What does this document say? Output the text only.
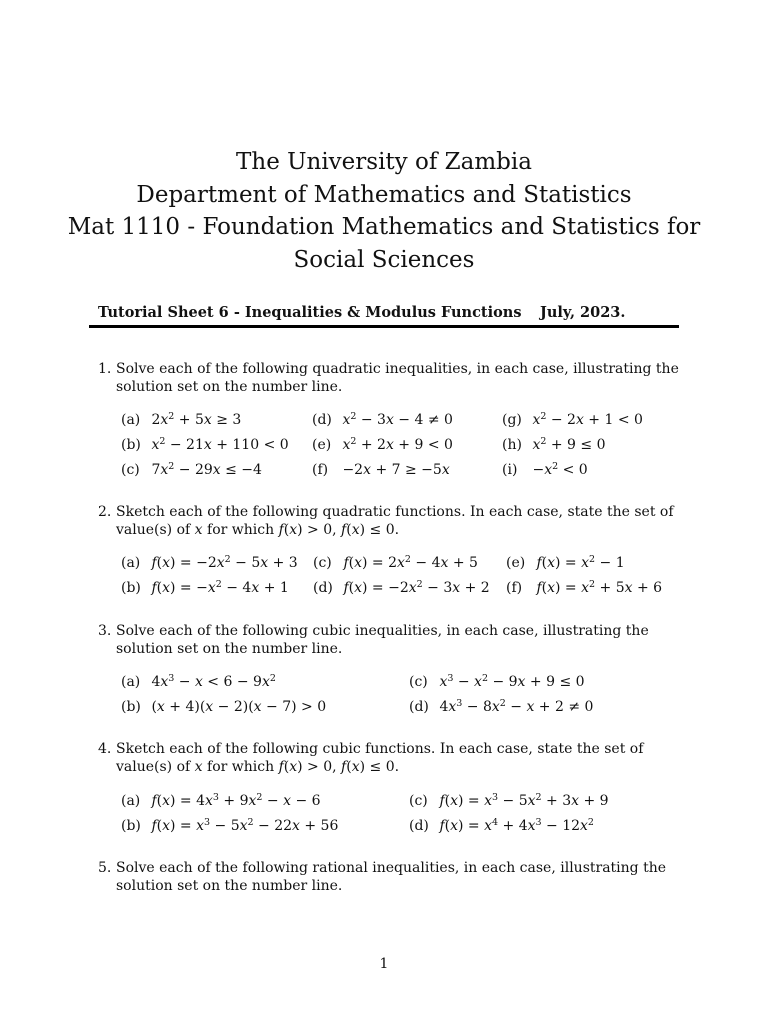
The University of Zambia
Department of Mathematics and Statistics
Mat 1110 - Foundation Mathematics and Statistics for
Social Sciences
Tutorial Sheet 6 - Inequalities & Modulus Functions July, 2023.
1. Solve each of the following quadratic inequalities, in each case, illustrating the solution set on the number line.
(a) $2x^2 + 5x \ge 3$
(b) $x^2 - 21x + 110 < 0$
(c) $7x^2 - 29x \le -4$
(d) $x^2 - 3x - 4 \ne 0$
(e) $x^2 + 2x + 9 < 0$
(f) −2x + 7 ≥ −5x
(g) $x^2 - 2x + 1 < 0$
(h) $x^2 + 9 \le 0$
$(i) -x^2 < 0$
2. Sketch each of the following quadratic functions. In each case, state the set of value(s) of x for which f(x) > 0, f(x) ≤ 0.
(a) $f(x) = -2x^2 - 5x + 3$
(b) $f(x) = -x^2 - 4x + 1$
(c) $f(x) = 2x^2 - 4x + 5$
(d) $f(x) = -2x^2 - 3x + 2$
(e) $f(x) = x^2 - 1$
(f) $f(x) = x^2 + 5x + 6$
3. Solve each of the following cubic inequalities, in each case, illustrating the solution set on the number line.
(a) $4x^3 - x < 6 - 9x^2$
(b) (x + 4)(x − 2)(x − 7) > 0
(c) $x^3 - x^2 - 9x + 9 \le 0$
(d) $4x^3 - 8x^2 - x + 2 \ne 0$
4. Sketch each of the following cubic functions. In each case, state the set of value(s) of x for which f(x) > 0, f(x) ≤ 0.
(a) $f(x) = 4x^3 + 9x^2 - x - 6$
(b) $f(x) = x^3 - 5x^2 - 22x + 56$
(c) $f(x) = x^3 - 5x^2 + 3x + 9$
(d) $f(x) = x^4 + 4x^3 - 12x^2$
5. Solve each of the following rational inequalities, in each case, illustrating the solution set on the number line.
1
